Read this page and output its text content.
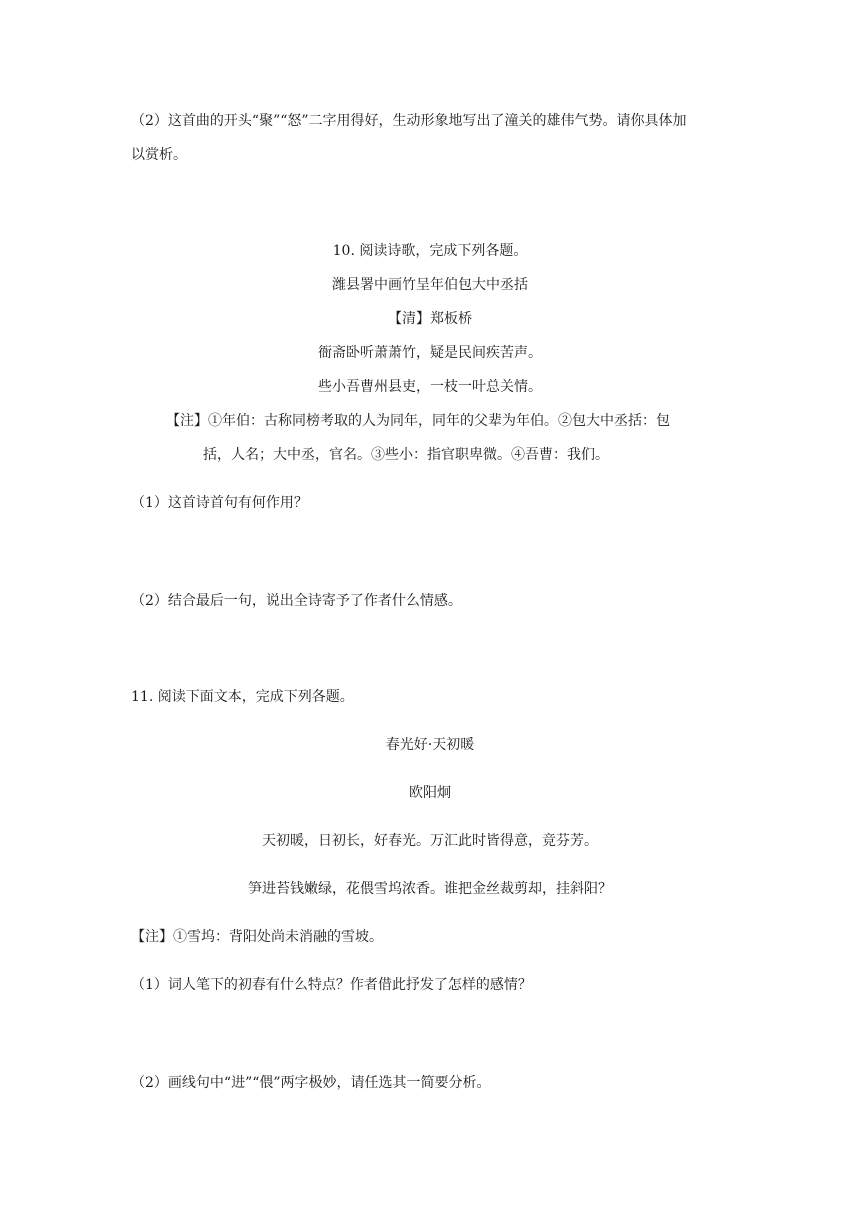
（2）这首曲的开头“聚”“怒”二字用得好，生动形象地写出了潼关的雄伟气势。请你具体加
以赏析。
10. 阅读诗歌，完成下列各题。
潍县署中画竹呈年伯包大中丞括
【清】郑板桥
衙斋卧听萧萧竹，疑是民间疾苦声。
些小吾曹州县吏，一枝一叶总关情。
【注】①年伯：古称同榜考取的人为同年，同年的父辈为年伯。②包大中丞括：包
括，人名；大中丞，官名。③些小：指官职卑微。④吾曹：我们。
（1）这首诗首句有何作用？
（2）结合最后一句，说出全诗寄予了作者什么情感。
11. 阅读下面文本，完成下列各题。
春光好·天初暖
欧阳炯
天初暖，日初长，好春光。万汇此时皆得意，竞芬芳。
笋进苔钱嫩绿，花偎雪坞浓香。谁把金丝裁剪却，挂斜阳？
【注】①雪坞：背阳处尚未消融的雪坡。
（1）词人笔下的初春有什么特点？作者借此抒发了怎样的感情？
（2）画线句中“进”“偎”两字极妙，请任选其一简要分析。
